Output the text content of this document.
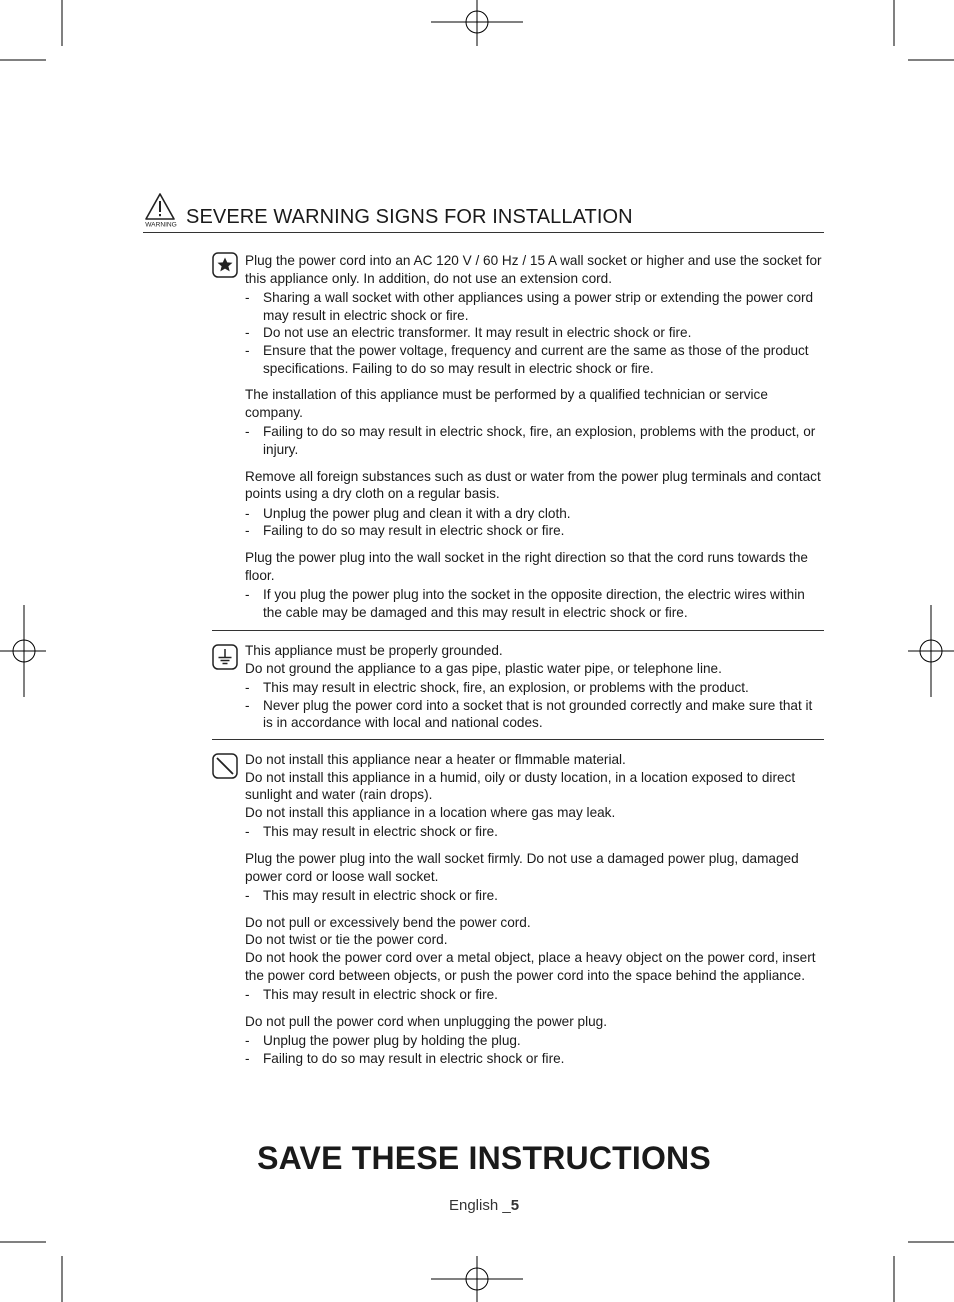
WARNING SEVERE WARNING SIGNS FOR INSTALLATION
Plug the power cord into an AC 120 V / 60 Hz / 15 A wall socket or higher and use the socket for this appliance only. In addition, do not use an extension cord.
- Sharing a wall socket with other appliances using a power strip or extending the power cord may result in electric shock or fire.
- Do not use an electric transformer. It may result in electric shock or fire.
- Ensure that the power voltage, frequency and current are the same as those of the product specifications. Failing to do so may result in electric shock or fire.
The installation of this appliance must be performed by a qualified technician or service company.
- Failing to do so may result in electric shock, fire, an explosion, problems with the product, or injury.
Remove all foreign substances such as dust or water from the power plug terminals and contact points using a dry cloth on a regular basis.
- Unplug the power plug and clean it with a dry cloth.
- Failing to do so may result in electric shock or fire.
Plug the power plug into the wall socket in the right direction so that the cord runs towards the floor.
- If you plug the power plug into the socket in the opposite direction, the electric wires within the cable may be damaged and this may result in electric shock or fire.
This appliance must be properly grounded.
Do not ground the appliance to a gas pipe, plastic water pipe, or telephone line.
- This may result in electric shock, fire, an explosion, or problems with the product.
- Never plug the power cord into a socket that is not grounded correctly and make sure that it is in accordance with local and national codes.
Do not install this appliance near a heater or flmmable material.
Do not install this appliance in a humid, oily or dusty location, in a location exposed to direct sunlight and water (rain drops).
Do not install this appliance in a location where gas may leak.
- This may result in electric shock or fire.
Plug the power plug into the wall socket firmly. Do not use a damaged power plug, damaged power cord or loose wall socket.
- This may result in electric shock or fire.
Do not pull or excessively bend the power cord.
Do not twist or tie the power cord.
Do not hook the power cord over a metal object, place a heavy object on the power cord, insert the power cord between objects, or push the power cord into the space behind the appliance.
- This may result in electric shock or fire.
Do not pull the power cord when unplugging the power plug.
- Unplug the power plug by holding the plug.
- Failing to do so may result in electric shock or fire.
SAVE THESE INSTRUCTIONS
English _5
